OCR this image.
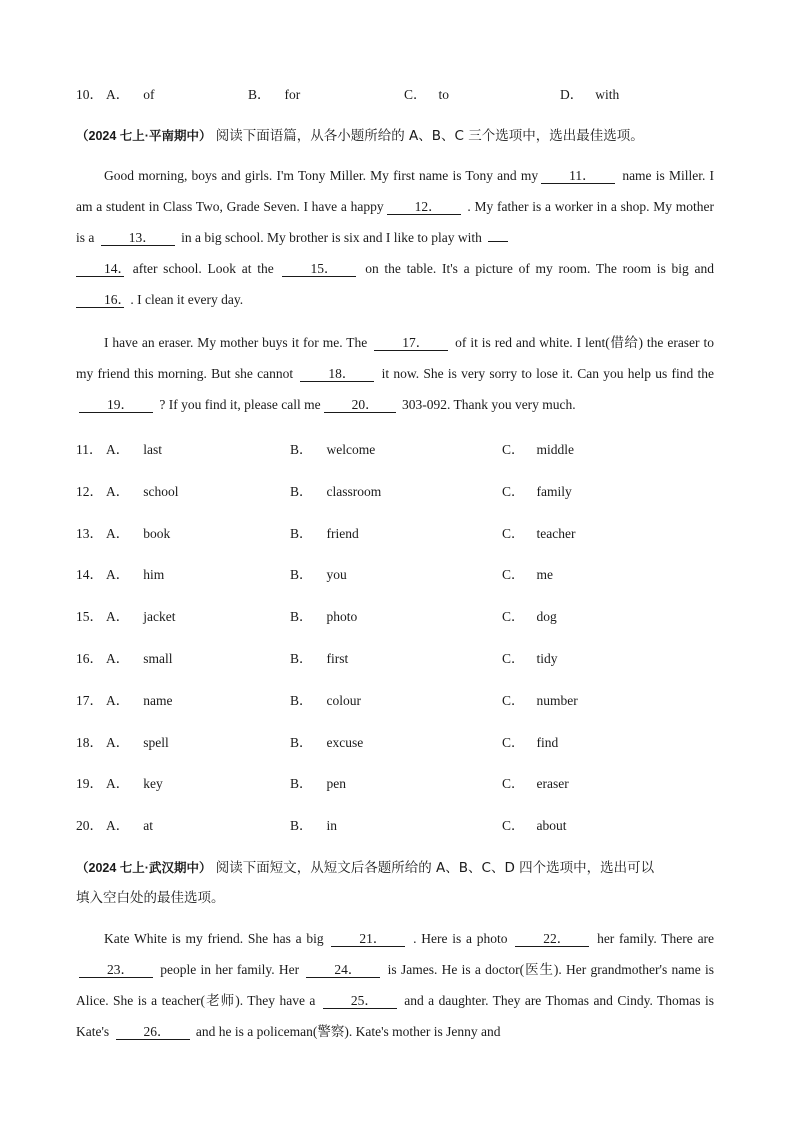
10． A． of	B． for	C． to	D． with
（2024 七上·平南期中） 阅读下面语篇，从各小题所给的 A、B、C 三个选项中，选出最佳选项。

Good morning, boys and girls. I'm Tony Miller. My first name is Tony and my 11． name is Miller. I am a student in Class Two, Grade Seven. I have a happy 12． . My father is a worker in a shop. My mother is a	13． in a big school. My brother is six and I like to play with
14． after school. Look at the	15． on the table. It's a picture of my room. The room is big and 16． . I clean it every day.

I have an eraser. My mother buys it for me. The	17． of it is red and white. I lent(借给) the eraser to my friend this morning. But she cannot	18． it now. She is very sorry to lose it. Can you help us find the 19． ? If you find it, please call me 20． 303-092. Thank you very much.

11． A． last	B． welcome	C． middle
12． A． school	B． classroom	C． family
13． A． book	B． friend	C． teacher
14． A． him	B． you	C． me
15． A． jacket	B． photo	C． dog
16． A． small	B． first	C． tidy
17． A． name	B． colour	C． number
18． A． spell	B． excuse	C． find
19． A． key	B． pen	C． eraser
20． A． at	B． in	C． about
（2024 七上·武汉期中） 阅读下面短文，从短文后各题所给的 A、B、C、D 四个选项中，选出可以
填入空白处的最佳选项。

Kate White is my friend. She has a big	21． . Here is a photo	22． her family. There are 23． people in her family. Her	24． is James. He is a doctor(医生). Her grandmother's name is Alice. She is a teacher(老师). They have a	25． and a daughter. They are Thomas and Cindy. Thomas is Kate's	26． and he is a policeman(警察). Kate's mother is Jenny and
